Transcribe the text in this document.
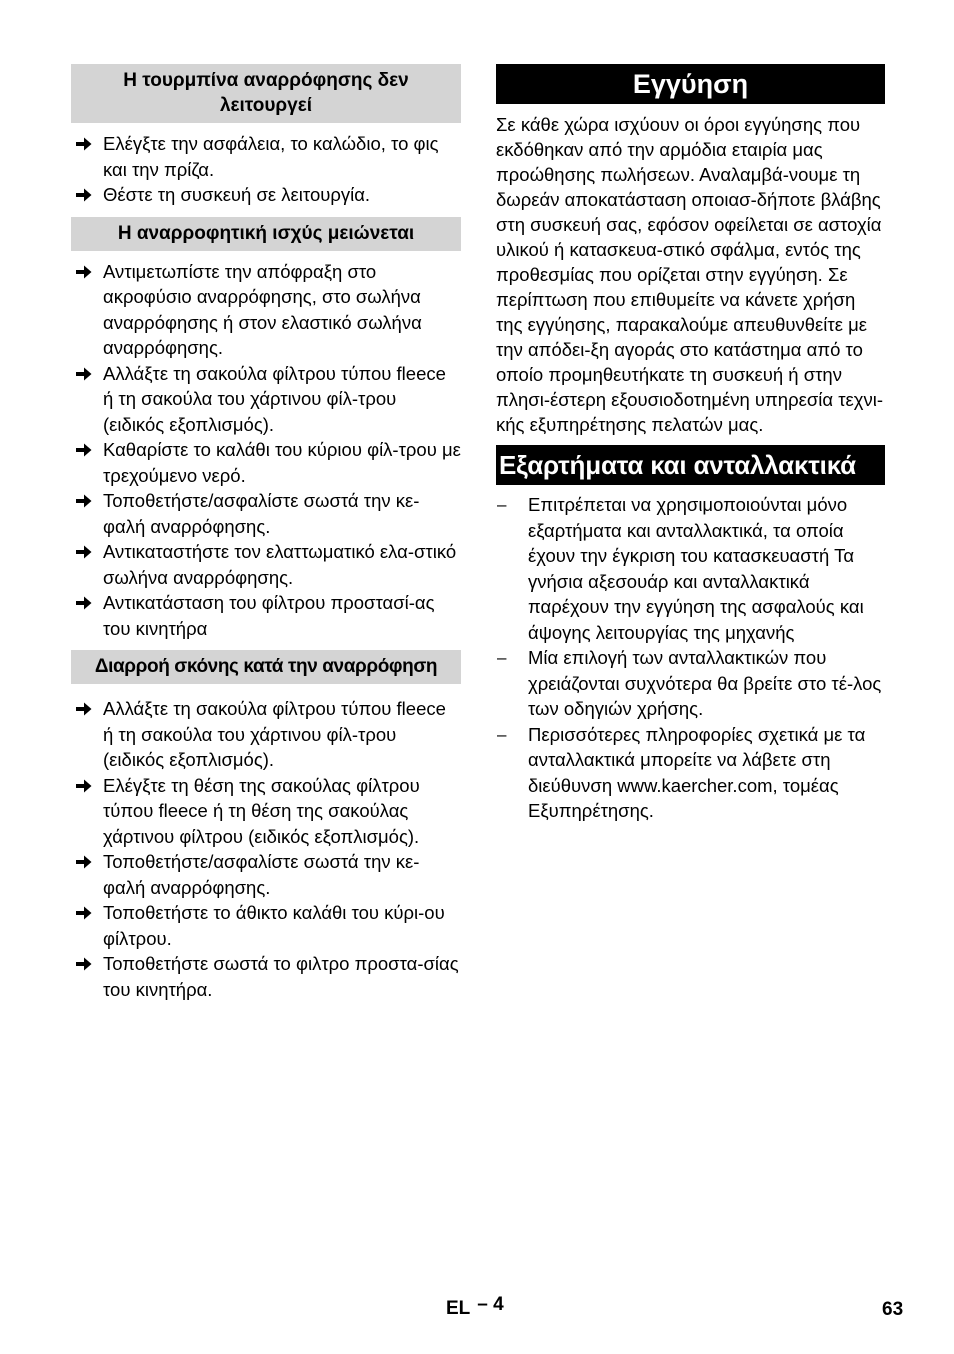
Η τουρμπίνα αναρρόφησης δεν λειτουργεί
Ελέγξτε την ασφάλεια, το καλώδιο, το φις και την πρίζα.
Θέστε τη συσκευή σε λειτουργία.
Η αναρροφητική ισχύς μειώνεται
Αντιμετωπίστε την απόφραξη στο ακροφύσιο αναρρόφησης, στο σωλήνα αναρρόφησης ή στον ελαστικό σωλήνα αναρρόφησης.
Αλλάξτε τη σακούλα φίλτρου τύπου fleece ή τη σακούλα του χάρτινου φίλ-τρου (ειδικός εξοπλισμός).
Καθαρίστε το καλάθι του κύριου φίλ-τρου με τρεχούμενο νερό.
Τοποθετήστε/ασφαλίστε σωστά την κε-φαλή αναρρόφησης.
Αντικαταστήστε τον ελαττωματικό ελα-στικό σωλήνα αναρρόφησης.
Αντικατάσταση του φίλτρου προστασί-ας του κινητήρα
Διαρροή σκόνης κατά την αναρρόφηση
Αλλάξτε τη σακούλα φίλτρου τύπου fleece ή τη σακούλα του χάρτινου φίλ-τρου (ειδικός εξοπλισμός).
Ελέγξτε τη θέση της σακούλας φίλτρου τύπου fleece ή τη θέση της σακούλας χάρτινου φίλτρου (ειδικός εξοπλισμός).
Τοποθετήστε/ασφαλίστε σωστά την κε-φαλή αναρρόφησης.
Τοποθετήστε το άθικτο καλάθι του κύρι-ου φίλτρου.
Τοποθετήστε σωστά το φιλτρο προστα-σίας του κινητήρα.
Εγγύηση

Σε κάθε χώρα ισχύουν οι όροι εγγύησης που εκδόθηκαν από την αρμόδια εταιρία μας προώθησης πωλήσεων. Αναλαμβά-νουμε τη δωρεάν αποκατάσταση οποιασ-δήποτε βλάβης στη συσκευή σας, εφόσον οφείλεται σε αστοχία υλικού ή κατασκευα-στικό σφάλμα, εντός της προθεσμίας που ορίζεται στην εγγύηση. Σε περίπτωση που επιθυμείτε να κάνετε χρήση της εγγύησης, παρακαλούμε απευθυνθείτε με την απόδει-ξη αγοράς στο κατάστημα από το οποίο προμηθευτήκατε τη συσκευή ή στην πλησι-έστερη εξουσιοδοτημένη υπηρεσία τεχνι-κής εξυπηρέτησης πελατών μας.

Εξαρτήματα και ανταλλακτικά
– Επιτρέπεται να χρησιμοποιούνται μόνο εξαρτήματα και ανταλλακτικά, τα οποία έχουν την έγκριση του κατασκευαστή Τα γνήσια αξεσουάρ και ανταλλακτικά παρέχουν την εγγύηση της ασφαλούς και άψογης λειτουργίας της μηχανής
– Μία επιλογή των ανταλλακτικών που χρειάζονται συχνότερα θα βρείτε στο τέ-λος των οδηγιών χρήσης.
– Περισσότερες πληροφορίες σχετικά με τα ανταλλακτικά μπορείτε να λάβετε στη διεύθυνση www.kaercher.com, τομέας Εξυπηρέτησης.
EL – 4	63
